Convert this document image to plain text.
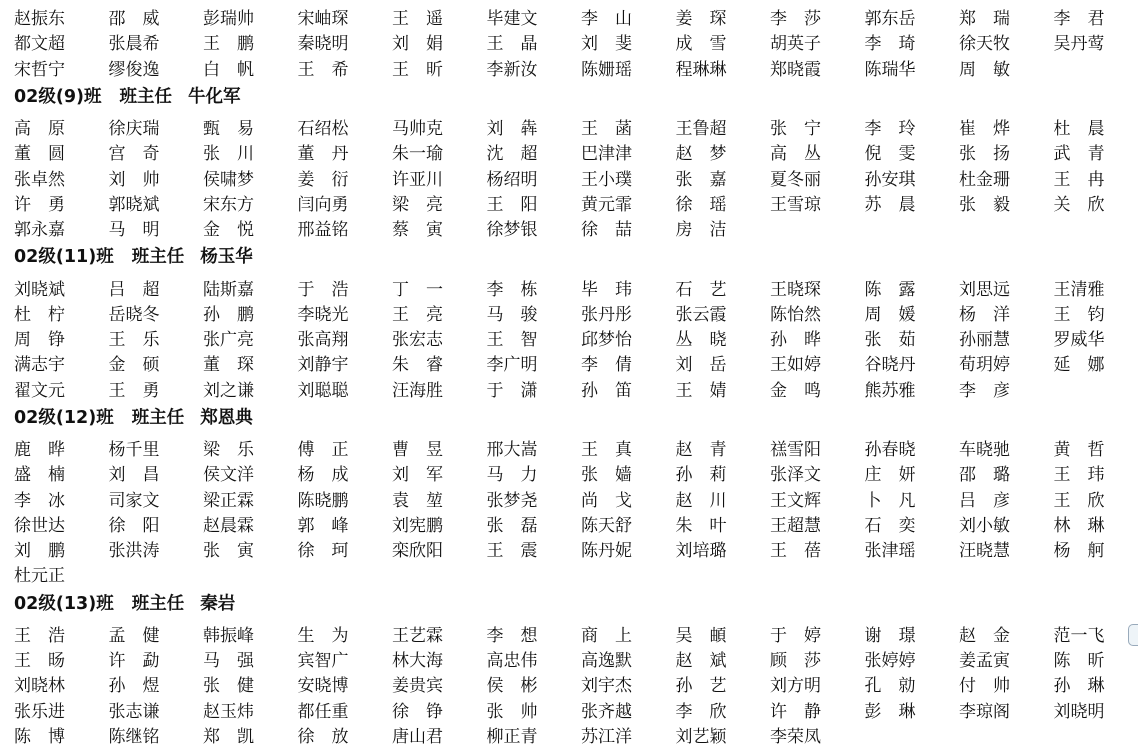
赵振东	邵　威	彭瑞帅	宋岫琛	王　遥	毕建文	李　山	姜　琛	李　莎	郭东岳	郑　瑞	李　君
都文超	张晨希	王　鹏	秦晓明	刘　娟	王　晶	刘　斐	成　雪	胡英子	李　琦	徐天牧	吴丹莺
宋哲宁	缪俊逸	白　帆	王　希	王　昕	李新汝	陈姗瑶	程琳琳	郑晓霞	陈瑞华	周　敏
02级(9)班 班主任 牛化军
高　原	徐庆瑞	甄　易	石绍松	马帅克	刘　犇	王　菡	王鲁超	张　宁	李　玲	崔　烨	杜　晨
董　圆	宫　奇	张　川	董　丹	朱一瑜	沈　超	巴津津	赵　梦	高　丛	倪　雯	张　扬	武　青
张卓然	刘　帅	侯啸梦	姜　衍	许亚川	杨绍明	王小璞	张　嘉	夏冬丽	孙安琪	杜金珊	王　冉
许　勇	郭晓斌	宋东方	闫向勇	梁　亮	王　阳	黄元霏	徐　瑶	王雪琼	苏　晨	张　毅	关　欣
郭永嘉	马　明	金　悦	邢益铭	蔡　寅	徐梦银	徐　喆	房　洁
02级(11)班 班主任 杨玉华
刘晓斌	吕　超	陆斯嘉	于　浩	丁　一	李　栋	毕　玮	石　艺	王晓琛	陈　露	刘思远	王清雅
杜　柠	岳晓冬	孙　鹏	李晓光	王　亮	马　骏	张丹彤	张云霞	陈怡然	周　媛	杨　洋	王　钧
周　铮	王　乐	张广亮	张高翔	张宏志	王　智	邱梦怡	丛　晓	孙　晔	张　茹	孙丽慧	罗威华
满志宇	金　硕	董　琛	刘静宇	朱　睿	李广明	李　倩	刘　岳	王如婷	谷晓丹	荀玥婷	延　娜
翟文元	王　勇	刘之谦	刘聪聪	汪海胜	于　潇	孙　笛	王　婧	金　鸣	熊苏雅	李　彦
02级(12)班 班主任 郑恩典
鹿　晔	杨千里	梁　乐	傅　正	曹　昱	邢大嵩	王　真	赵　青	禚雪阳	孙春晓	车晓驰	黄　哲
盛　楠	刘　昌	侯文洋	杨　成	刘　军	马　力	张　嫱	孙　莉	张泽文	庄　妍	邵　璐	王　玮
李　冰	司家文	梁正霖	陈晓鹏	袁　堃	张梦尧	尚　戈	赵　川	王文辉	卜　凡	吕　彦	王　欣
徐世达	徐　阳	赵晨霖	郭　峰	刘宪鹏	张　磊	陈天舒	朱　叶	王超慧	石　奕	刘小敏	林　琳
刘　鹏	张洪涛	张　寅	徐　珂	栾欣阳	王　震	陈丹妮	刘培璐	王　蓓	张津瑶	汪晓慧	杨　舸
杜元正
02级(13)班 班主任 秦岩
王　浩	孟　健	韩振峰	生　为	王艺霖	李　想	商　上	吴　頔	于　婷	谢　璟	赵　金	范一飞
王　旸	许　勐	马　强	宾智广	林大海	高忠伟	高逸默	赵　斌	顾　莎	张婷婷	姜孟寅	陈　昕
刘晓林	孙　煜	张　健	安晓博	姜贵宾	侯　彬	刘宇杰	孙　艺	刘方明	孔　勍	付　帅	孙　琳
张乐进	张志谦	赵玉炜	都任重	徐　铮	张　帅	张齐越	李　欣	许　静	彭　琳	李琼阁	刘晓明
陈　博	陈继铭	郑　凯	徐　放	唐山君	柳正青	苏江洋	刘艺颖	李荣凤
